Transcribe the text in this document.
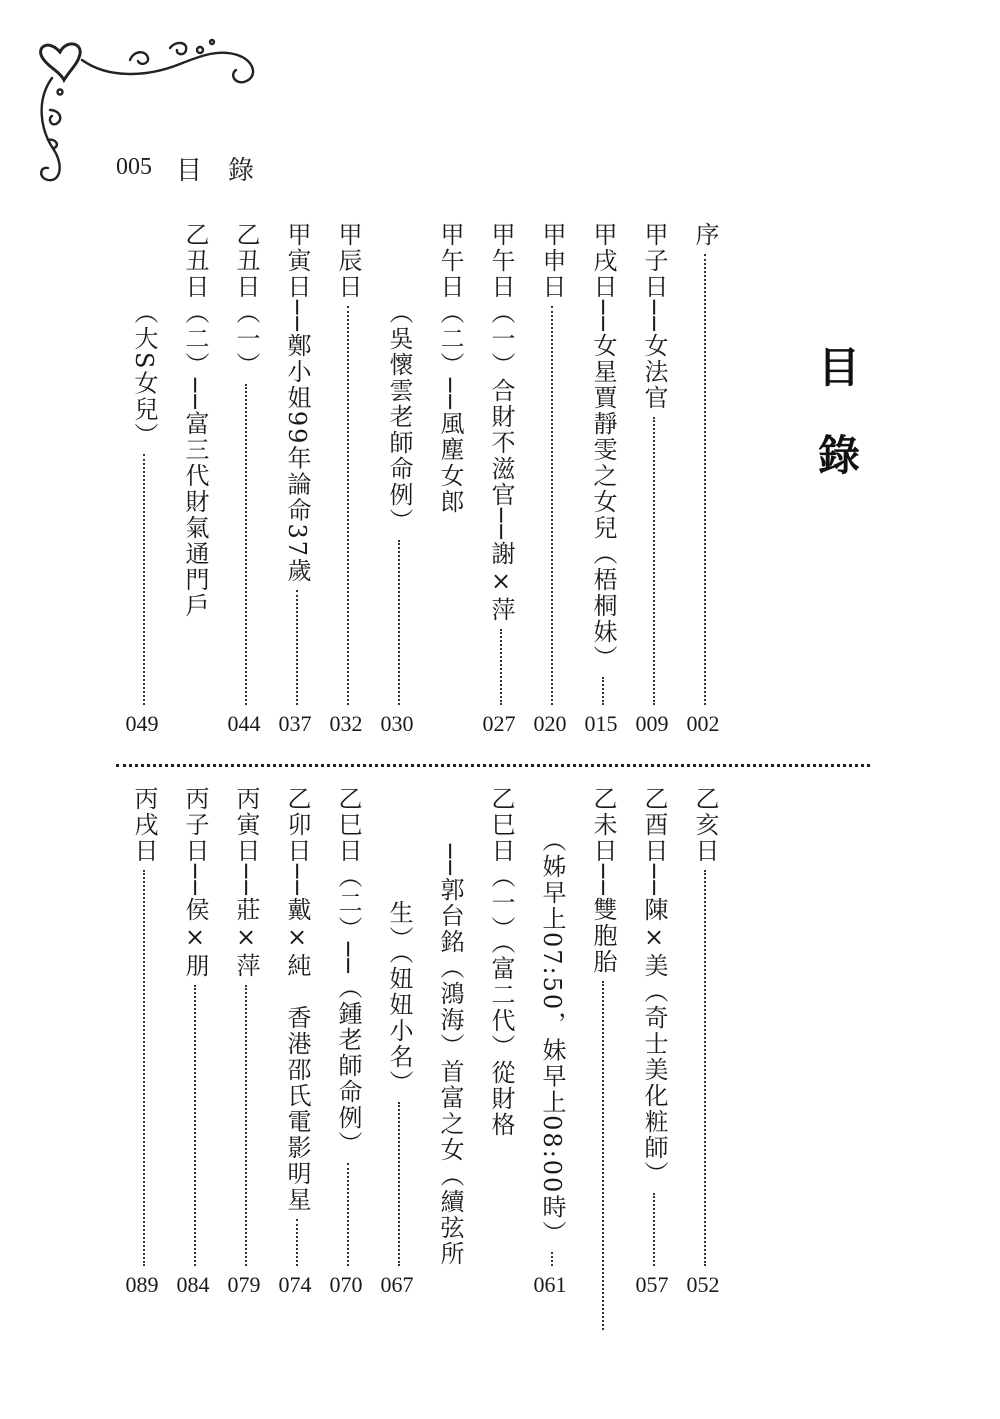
005 目錄
目錄
序
002
甲子日──女法官
009
甲戌日──女星賈靜雯之女兒（梧桐妹）
015
甲申日
020
甲午日（一）合財不滋官──謝×萍
027
甲午日（二）──風塵女郎
（吳懷雲老師命例）
030
甲辰日
032
甲寅日──鄭小姐99年論命37歲
037
乙丑日（一）
044
乙丑日（二）──富三代財氣通門戶
（大S女兒）
049
乙亥日
052
乙酉日──陳×美（奇士美化粧師）
057
乙未日──雙胞胎
（姊早上07:50，妹早上08:00時）
061
乙巳日（一）（富二代）從財格
──郭台銘（鴻海）首富之女（續弦所
生）（妞妞小名）
067
乙巳日（二）──（鍾老師命例）
070
乙卯日──戴×純　香港邵氏電影明星
074
丙寅日──莊×萍
079
丙子日──侯×朋
084
丙戌日
089
